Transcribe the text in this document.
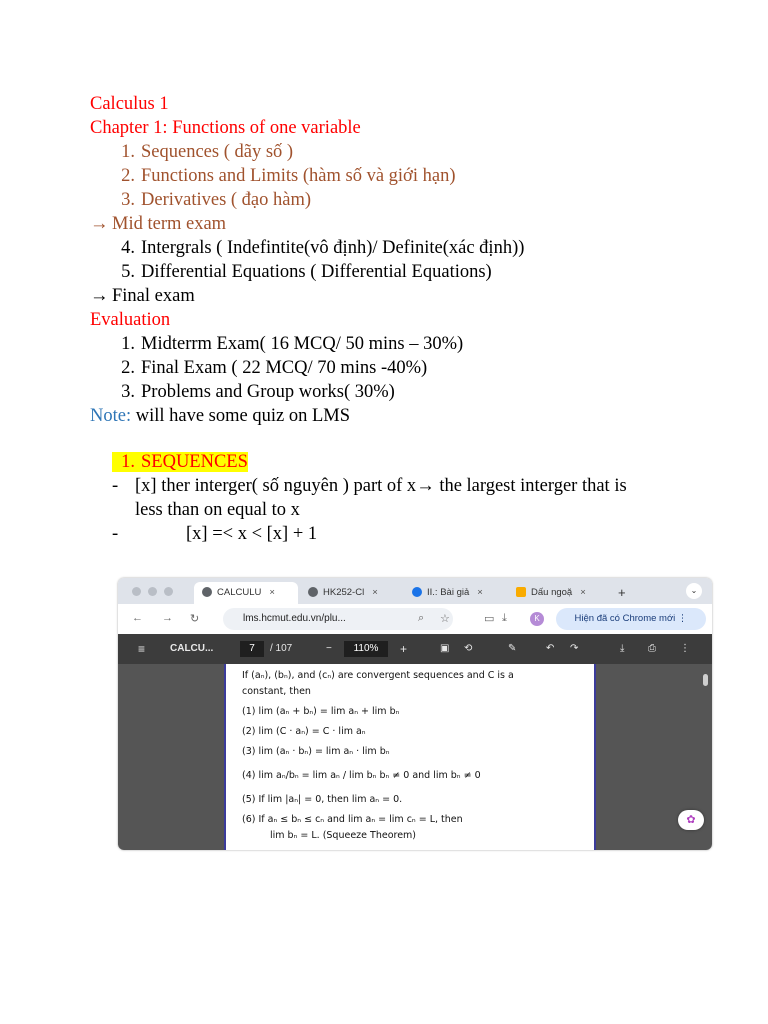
Calculus 1
Chapter 1: Functions of one variable
1. Sequences ( dãy số )
2. Functions and Limits (hàm số và giới hạn)
3. Derivatives ( đạo hàm)
→ Mid term exam
4. Intergrals ( Indefintite(vô định)/ Definite(xác định))
5. Differential Equations ( Differential Equations)
→ Final exam
Evaluation
1. Midterrm Exam( 16 MCQ/ 50 mins – 30%)
2. Final Exam ( 22 MCQ/ 70 mins -40%)
3. Problems and Group works( 30%)
Note: will have some quiz on LMS
1. SEQUENCES
- [x] ther interger( số nguyên ) part of x→ the largest interger that is
less than on equal to x
-	[x] =< x < [x] + 1
CALCULU ×	HK252-Cl ×	II.: Bài giả ×	Dấu ngoặ ×	+	⌄
← → ↻	lms.hcmut.edu.vn/plu...	⌕ ☆	▭ ⤓	K	Hiện đã có Chrome mới ⋮
≡ CALCU...	7	/ 107	−	110%	+	▣ ⟲	✎	↶ ↷	⤓ ⎙ ⋮
If (aₙ), (bₙ), and (cₙ) are convergent sequences and C is a
constant, then
(1) lim (aₙ + bₙ) = lim aₙ + lim bₙ
(2) lim (C · aₙ) = C · lim aₙ
(3) lim (aₙ · bₙ) = lim aₙ · lim bₙ
(4) lim aₙ/bₙ = lim aₙ / lim bₙ bₙ ≠ 0 and lim bₙ ≠ 0
(5) If lim |aₙ| = 0, then lim aₙ = 0.
(6) If aₙ ≤ bₙ ≤ cₙ and lim aₙ = lim cₙ = L, then
lim bₙ = L. (Squeeze Theorem)
✿
